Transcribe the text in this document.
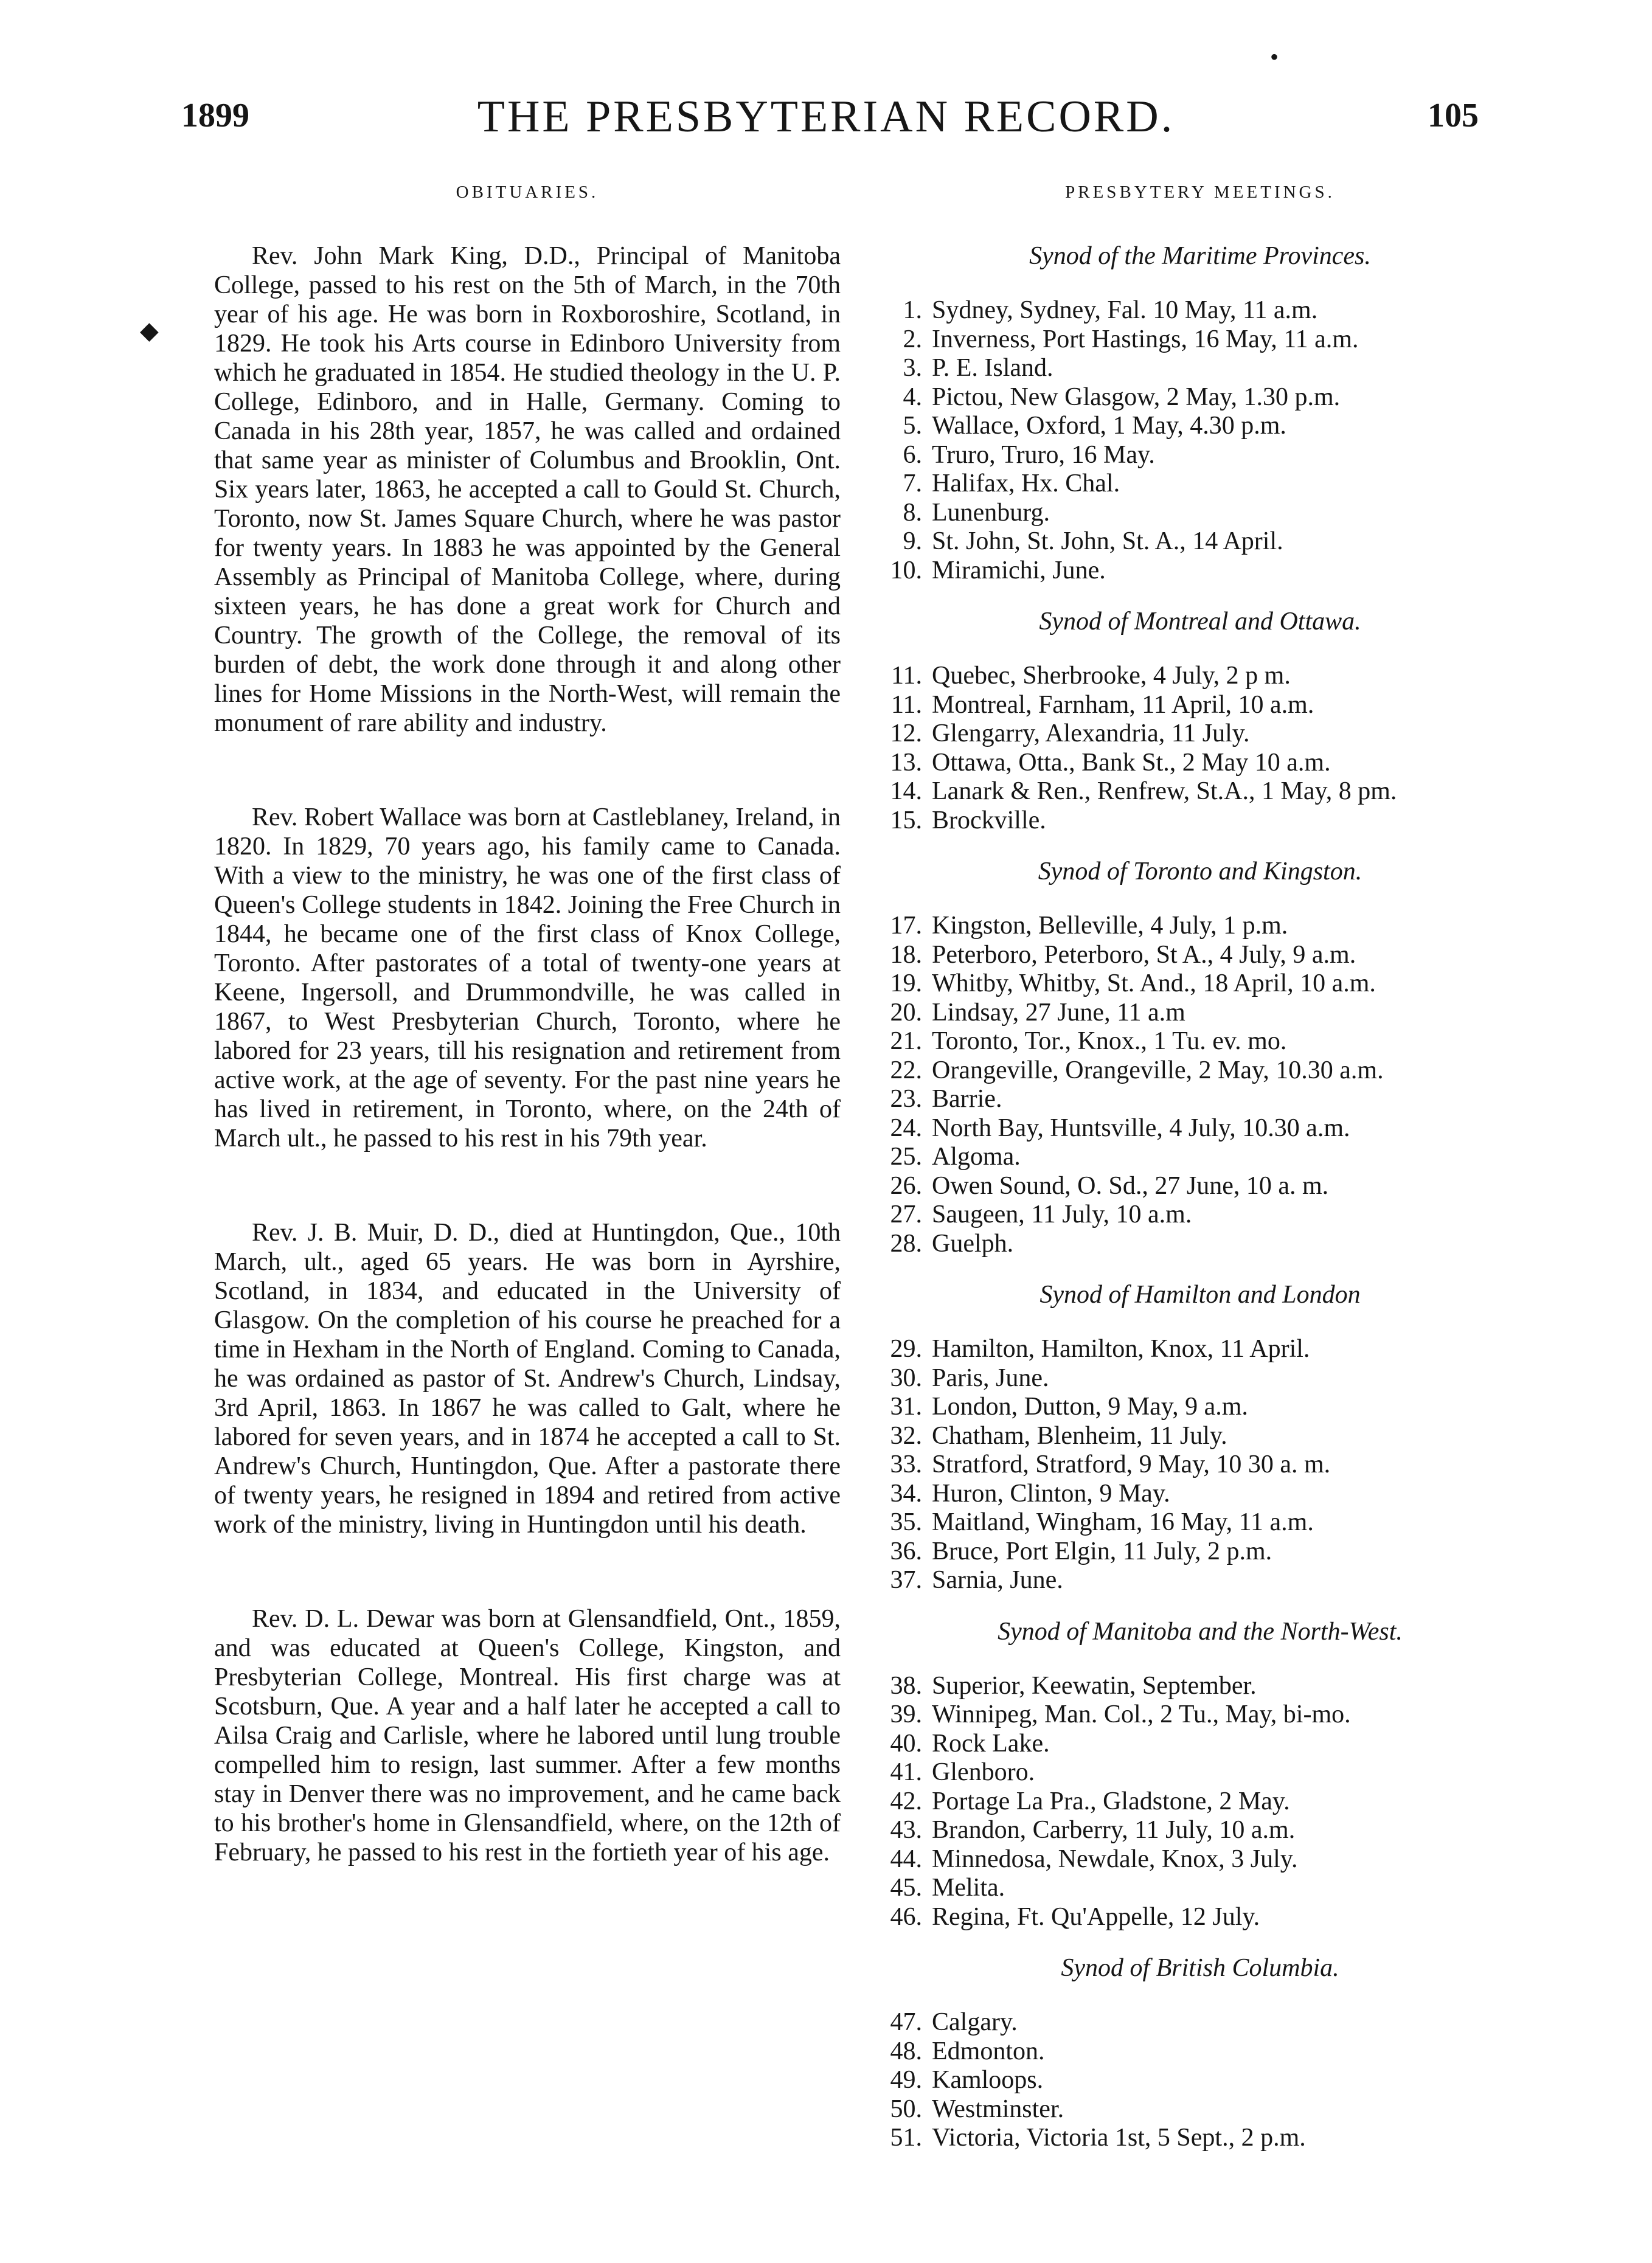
1899	THE PRESBYTERIAN RECORD.	105
•
◆
OBITUARIES.

Rev. John Mark King, D.D., Principal of Manitoba College, passed to his rest on the 5th of March, in the 70th year of his age. He was born in Roxboroshire, Scotland, in 1829. He took his Arts course in Edinboro University from which he graduated in 1854. He studied theology in the U. P. College, Edinboro, and in Halle, Germany. Coming to Canada in his 28th year, 1857, he was called and ordained that same year as minister of Columbus and Brooklin, Ont. Six years later, 1863, he accepted a call to Gould St. Church, Toronto, now St. James Square Church, where he was pastor for twenty years. In 1883 he was appointed by the General Assembly as Principal of Manitoba College, where, during sixteen years, he has done a great work for Church and Country. The growth of the College, the removal of its burden of debt, the work done through it and along other lines for Home Missions in the North-West, will remain the monument of rare ability and industry.

Rev. Robert Wallace was born at Castleblaney, Ireland, in 1820. In 1829, 70 years ago, his family came to Canada. With a view to the ministry, he was one of the first class of Queen's College students in 1842. Joining the Free Church in 1844, he became one of the first class of Knox College, Toronto. After pastorates of a total of twenty-one years at Keene, Ingersoll, and Drummondville, he was called in 1867, to West Presbyterian Church, Toronto, where he labored for 23 years, till his resignation and retirement from active work, at the age of seventy. For the past nine years he has lived in retirement, in Toronto, where, on the 24th of March ult., he passed to his rest in his 79th year.

Rev. J. B. Muir, D. D., died at Huntingdon, Que., 10th March, ult., aged 65 years. He was born in Ayrshire, Scotland, in 1834, and educated in the University of Glasgow. On the completion of his course he preached for a time in Hexham in the North of England. Coming to Canada, he was ordained as pastor of St. Andrew's Church, Lindsay, 3rd April, 1863. In 1867 he was called to Galt, where he labored for seven years, and in 1874 he accepted a call to St. Andrew's Church, Huntingdon, Que. After a pastorate there of twenty years, he resigned in 1894 and retired from active work of the ministry, living in Huntingdon until his death.

Rev. D. L. Dewar was born at Glensandfield, Ont., 1859, and was educated at Queen's College, Kingston, and Presbyterian College, Montreal. His first charge was at Scotsburn, Que. A year and a half later he accepted a call to Ailsa Craig and Carlisle, where he labored until lung trouble compelled him to resign, last summer. After a few months stay in Denver there was no improvement, and he came back to his brother's home in Glensandfield, where, on the 12th of February, he passed to his rest in the fortieth year of his age.

PRESBYTERY MEETINGS.
Synod of the Maritime Provinces.
1. Sydney, Sydney, Fal. 10 May, 11 a.m.
2. Inverness, Port Hastings, 16 May, 11 a.m.
3. P. E. Island.
4. Pictou, New Glasgow, 2 May, 1.30 p.m.
5. Wallace, Oxford, 1 May, 4.30 p.m.
6. Truro, Truro, 16 May.
7. Halifax, Hx. Chal.
8. Lunenburg.
9. St. John, St. John, St. A., 14 April.
10. Miramichi, June.
Synod of Montreal and Ottawa.
11. Quebec, Sherbrooke, 4 July, 2 p m.
11. Montreal, Farnham, 11 April, 10 a.m.
12. Glengarry, Alexandria, 11 July.
13. Ottawa, Otta., Bank St., 2 May 10 a.m.
14. Lanark & Ren., Renfrew, St.A., 1 May, 8 pm.
15. Brockville.
Synod of Toronto and Kingston.
17. Kingston, Belleville, 4 July, 1 p.m.
18. Peterboro, Peterboro, St A., 4 July, 9 a.m.
19. Whitby, Whitby, St. And., 18 April, 10 a.m.
20. Lindsay, 27 June, 11 a.m
21. Toronto, Tor., Knox., 1 Tu. ev. mo.
22. Orangeville, Orangeville, 2 May, 10.30 a.m.
23. Barrie.
24. North Bay, Huntsville, 4 July, 10.30 a.m.
25. Algoma.
26. Owen Sound, O. Sd., 27 June, 10 a. m.
27. Saugeen, 11 July, 10 a.m.
28. Guelph.
Synod of Hamilton and London
29. Hamilton, Hamilton, Knox, 11 April.
30. Paris, June.
31. London, Dutton, 9 May, 9 a.m.
32. Chatham, Blenheim, 11 July.
33. Stratford, Stratford, 9 May, 10 30 a. m.
34. Huron, Clinton, 9 May.
35. Maitland, Wingham, 16 May, 11 a.m.
36. Bruce, Port Elgin, 11 July, 2 p.m.
37. Sarnia, June.
Synod of Manitoba and the North-West.
38. Superior, Keewatin, September.
39. Winnipeg, Man. Col., 2 Tu., May, bi-mo.
40. Rock Lake.
41. Glenboro.
42. Portage La Pra., Gladstone, 2 May.
43. Brandon, Carberry, 11 July, 10 a.m.
44. Minnedosa, Newdale, Knox, 3 July.
45. Melita.
46. Regina, Ft. Qu'Appelle, 12 July.
Synod of British Columbia.
47. Calgary.
48. Edmonton.
49. Kamloops.
50. Westminster.
51. Victoria, Victoria 1st, 5 Sept., 2 p.m.
